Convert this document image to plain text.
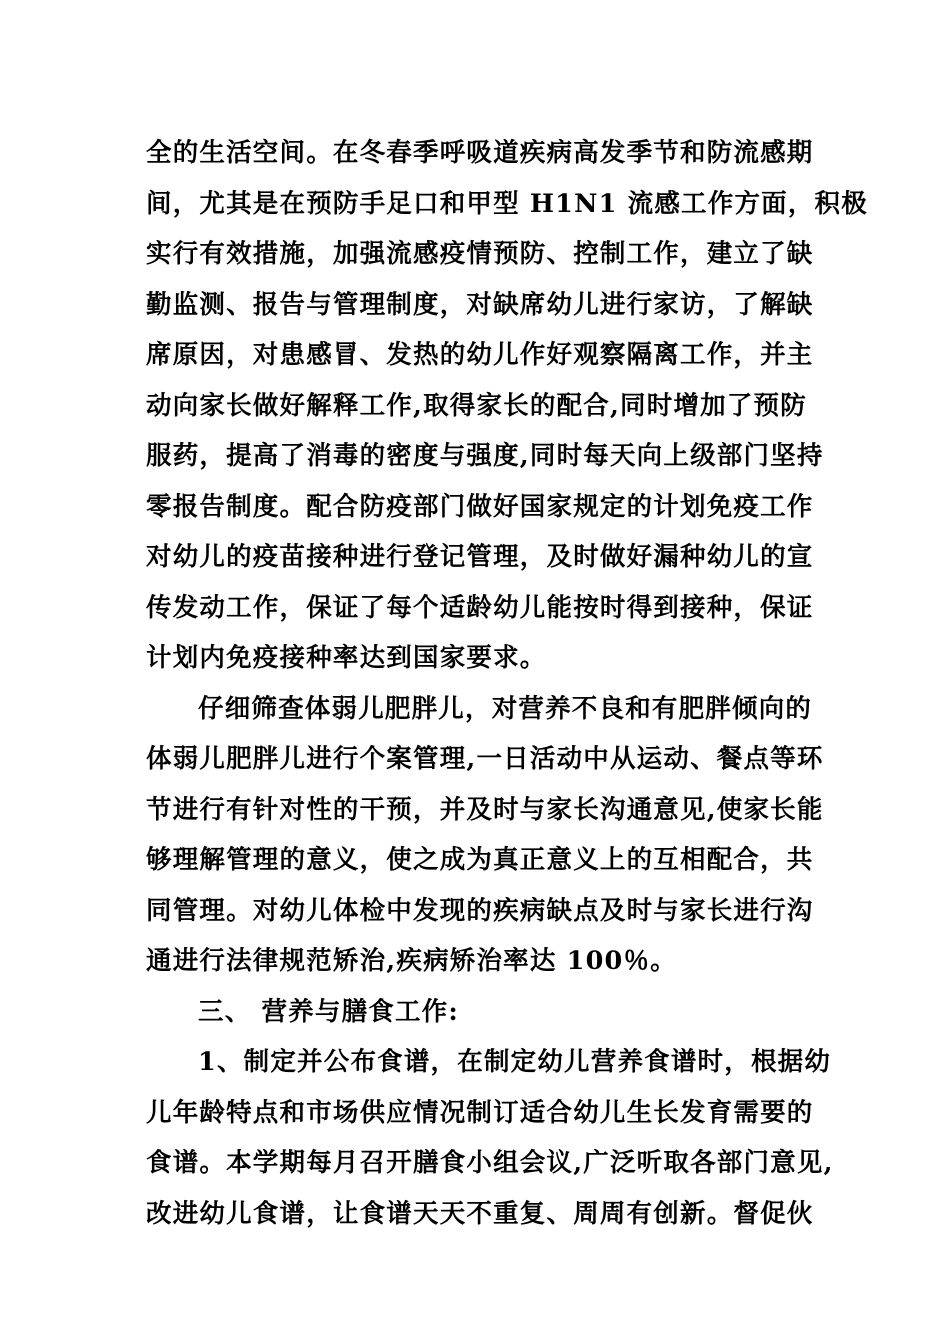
全的生活空间。在冬春季呼吸道疾病高发季节和防流感期
间，尤其是在预防手足口和甲型 H1N1 流感工作方面，积极
实行有效措施，加强流感疫情预防、控制工作，建立了缺
勤监测、报告与管理制度，对缺席幼儿进行家访，了解缺
席原因，对患感冒、发热的幼儿作好观察隔离工作，并主
动向家长做好解释工作,取得家长的配合,同时增加了预防
服药，提高了消毒的密度与强度,同时每天向上级部门坚持
零报告制度。配合防疫部门做好国家规定的计划免疫工作
对幼儿的疫苗接种进行登记管理，及时做好漏种幼儿的宣
传发动工作，保证了每个适龄幼儿能按时得到接种，保证
计划内免疫接种率达到国家要求。
仔细筛查体弱儿肥胖儿，对营养不良和有肥胖倾向的
体弱儿肥胖儿进行个案管理,一日活动中从运动、餐点等环
节进行有针对性的干预，并及时与家长沟通意见,使家长能
够理解管理的意义，使之成为真正意义上的互相配合，共
同管理。对幼儿体检中发现的疾病缺点及时与家长进行沟
通进行法律规范矫治,疾病矫治率达 100％。
三、 营养与膳食工作:
1、制定并公布食谱，在制定幼儿营养食谱时，根据幼
儿年龄特点和市场供应情况制订适合幼儿生长发育需要的
食谱。本学期每月召开膳食小组会议,广泛听取各部门意见,
改进幼儿食谱，让食谱天天不重复、周周有创新。督促伙
